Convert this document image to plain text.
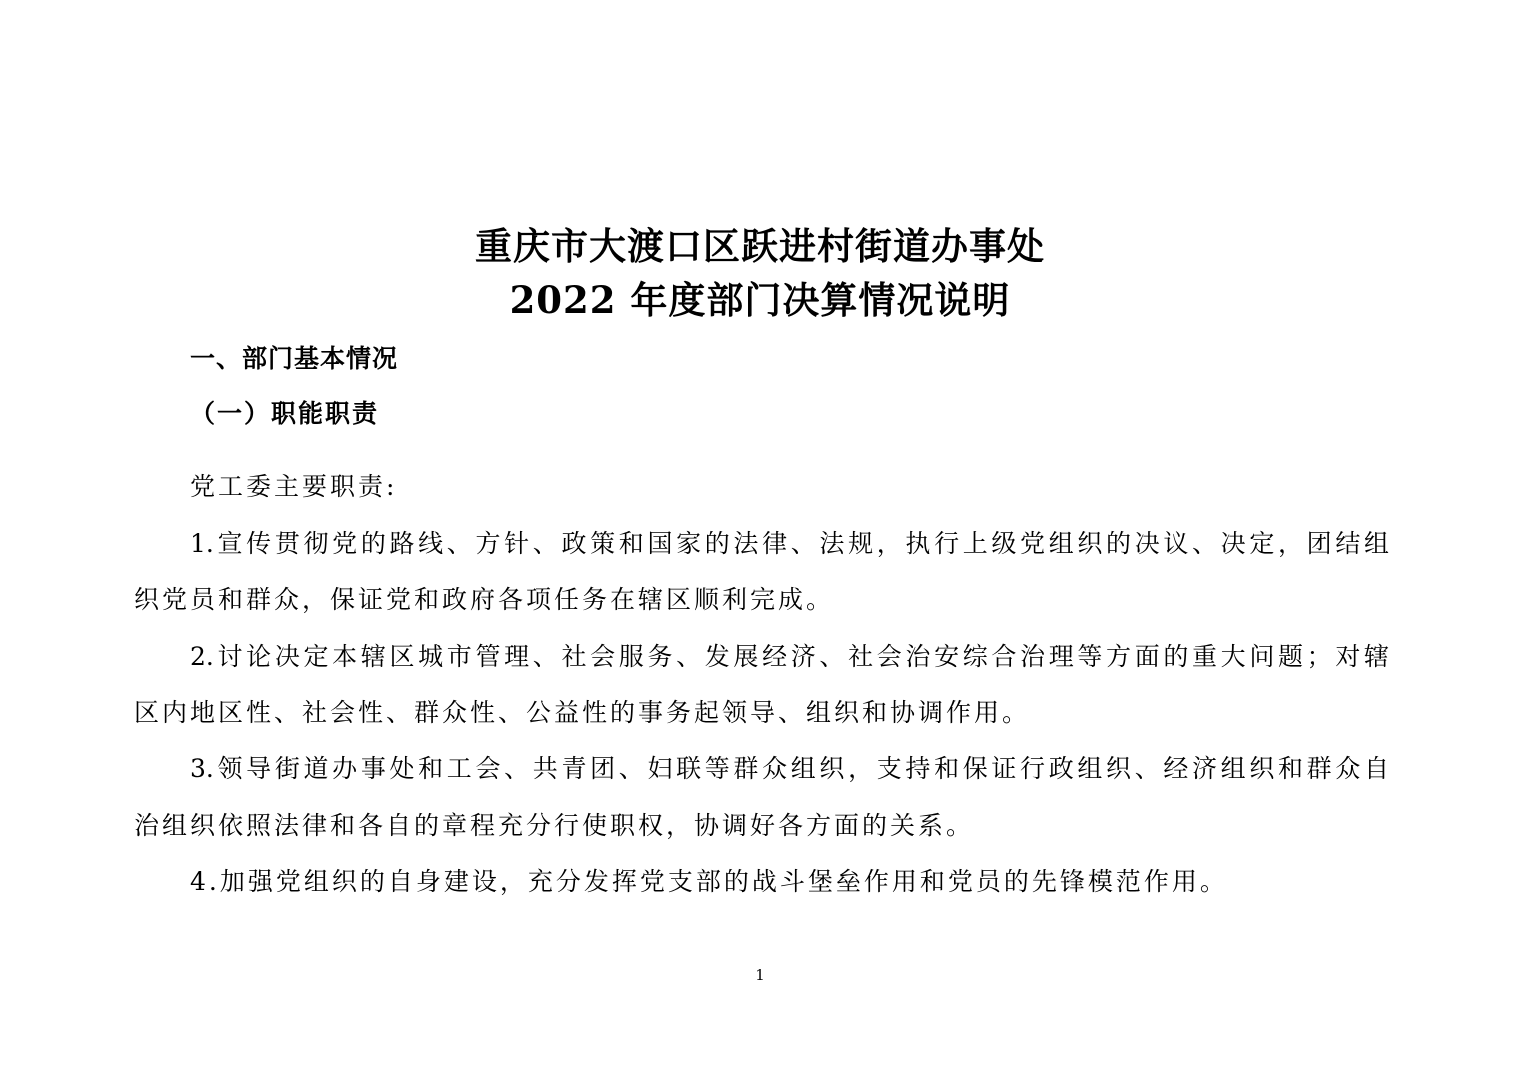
重庆市大渡口区跃进村街道办事处
2022 年度部门决算情况说明
一、部门基本情况
（一）职能职责
党工委主要职责:
1.宣传贯彻党的路线、方针、政策和国家的法律、法规，执行上级党组织的决议、决定，团结组
织党员和群众，保证党和政府各项任务在辖区顺利完成。
2.讨论决定本辖区城市管理、社会服务、发展经济、社会治安综合治理等方面的重大问题；对辖
区内地区性、社会性、群众性、公益性的事务起领导、组织和协调作用。
3.领导街道办事处和工会、共青团、妇联等群众组织，支持和保证行政组织、经济组织和群众自
治组织依照法律和各自的章程充分行使职权，协调好各方面的关系。
4.加强党组织的自身建设，充分发挥党支部的战斗堡垒作用和党员的先锋模范作用。
1
